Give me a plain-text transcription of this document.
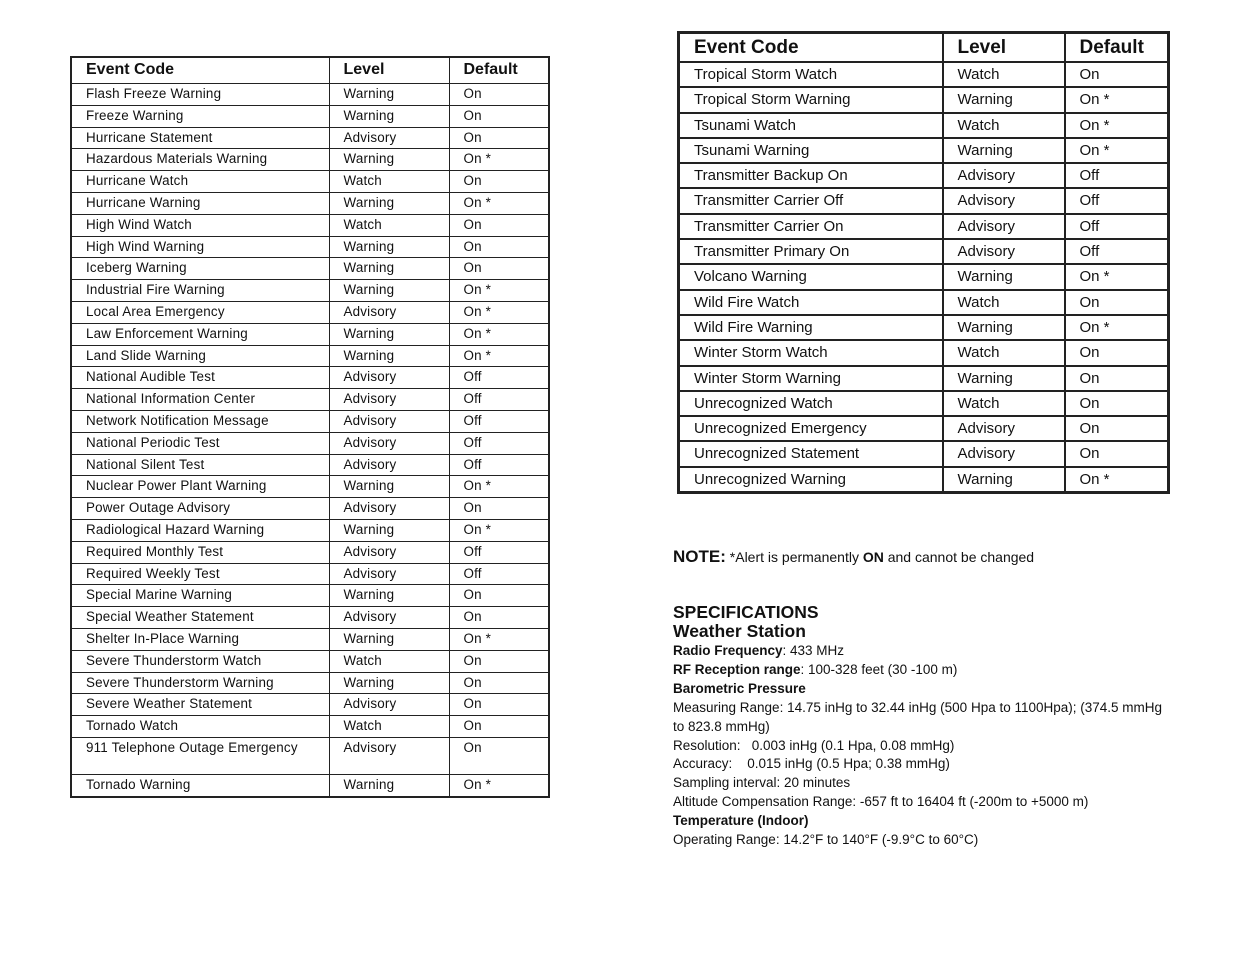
Event Code	Level	Default
Flash Freeze Warning	Warning	On
Freeze Warning	Warning	On
Hurricane Statement	Advisory	On
Hazardous Materials Warning	Warning	On *
Hurricane Watch	Watch	On
Hurricane Warning	Warning	On *
High Wind Watch	Watch	On
High Wind Warning	Warning	On
Iceberg Warning	Warning	On
Industrial Fire Warning	Warning	On *
Local Area Emergency	Advisory	On *
Law Enforcement Warning	Warning	On *
Land Slide Warning	Warning	On *
National Audible Test	Advisory	Off
National Information Center	Advisory	Off
Network Notification Message	Advisory	Off
National Periodic Test	Advisory	Off
National Silent Test	Advisory	Off
Nuclear Power Plant Warning	Warning	On *
Power Outage Advisory	Advisory	On
Radiological Hazard Warning	Warning	On *
Required Monthly Test	Advisory	Off
Required Weekly Test	Advisory	Off
Special Marine Warning	Warning	On
Special Weather Statement	Advisory	On
Shelter In-Place Warning	Warning	On *
Severe Thunderstorm Watch	Watch	On
Severe Thunderstorm Warning	Warning	On
Severe Weather Statement	Advisory	On
Tornado Watch	Watch	On
911 Telephone Outage Emergency	Advisory	On
Tornado Warning	Warning	On *
Event Code	Level	Default
Tropical Storm Watch	Watch	On
Tropical Storm Warning	Warning	On *
Tsunami Watch	Watch	On *
Tsunami Warning	Warning	On *
Transmitter Backup On	Advisory	Off
Transmitter Carrier Off	Advisory	Off
Transmitter Carrier On	Advisory	Off
Transmitter Primary On	Advisory	Off
Volcano Warning	Warning	On *
Wild Fire Watch	Watch	On
Wild Fire Warning	Warning	On *
Winter Storm Watch	Watch	On
Winter Storm Warning	Warning	On
Unrecognized Watch	Watch	On
Unrecognized Emergency	Advisory	On
Unrecognized Statement	Advisory	On
Unrecognized Warning	Warning	On *
NOTE: *Alert is permanently ON and cannot be changed
SPECIFICATIONS
Weather Station

Radio Frequency: 433 MHz

RF Reception range: 100-328 feet (30 -100 m)

Barometric Pressure

Measuring Range: 14.75 inHg to 32.44 inHg (500 Hpa to 1100Hpa); (374.5 mmHg to 823.8 mmHg)

Resolution:   0.003 inHg (0.1 Hpa, 0.08 mmHg)

Accuracy:    0.015 inHg (0.5 Hpa; 0.38 mmHg)

Sampling interval: 20 minutes

Altitude Compensation Range: -657 ft to 16404 ft (-200m to +5000 m)

Temperature (Indoor)

Operating Range: 14.2°F to 140°F (-9.9°C to 60°C)
